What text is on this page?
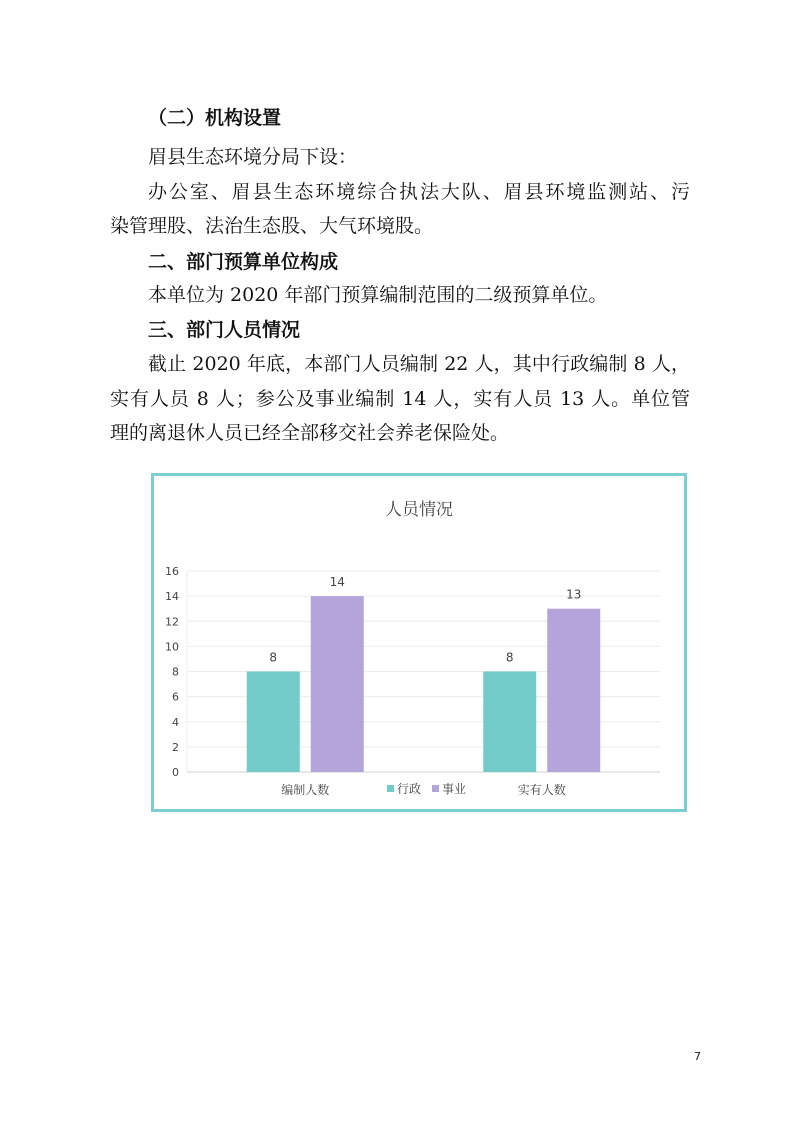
（二）机构设置
眉县生态环境分局下设：
办公室、眉县生态环境综合执法大队、眉县环境监测站、污
染管理股、法治生态股、大气环境股。
二、部门预算单位构成
本单位为 2020 年部门预算编制范围的二级预算单位。
三、部门人员情况
截止 2020 年底，本部门人员编制 22 人，其中行政编制 8 人，
实有人员 8 人；参公及事业编制 14 人，实有人员 13 人。单位管
理的离退休人员已经全部移交社会养老保险处。
人员情况
0
2
4
6
8
10
12
14
16
8
14
编制人数
8
13
实有人数
行政 事业
7
